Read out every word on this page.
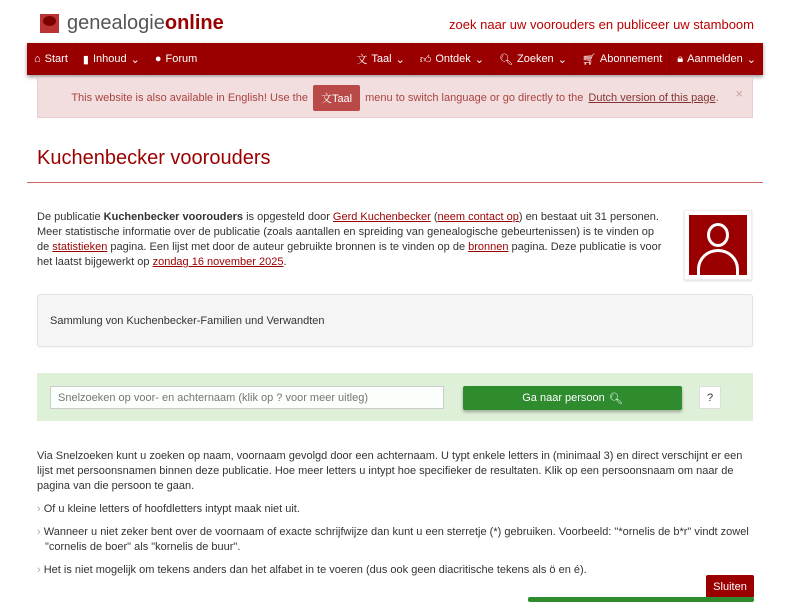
genealogieonline	zoek naar uw voorouders en publiceer uw stamboom
⌂ Start ▮ Inhoud ⌄ ● Forum	文 Taal ⌄ 👍︎ Ontdek ⌄ 🔍︎ Zoeken ⌄ 🛒︎ Abonnement 🔒︎ Aanmelden ⌄
This website is also available in English! Use the	文Taal	menu to switch language or go directly to the Dutch version of this page. ×
Kuchenbecker voorouders

De publicatie Kuchenbecker voorouders is opgesteld door Gerd Kuchenbecker (neem contact op) en bestaat uit 31 personen. Meer statistische informatie over de publicatie (zoals aantallen en spreiding van genealogische gebeurtenissen) is te vinden op de statistieken pagina. Een lijst met door de auteur gebruikte bronnen is te vinden op de bronnen pagina. Deze publicatie is voor het laatst bijgewerkt op zondag 16 november 2025.

Sammlung von Kuchenbecker-Familien und Verwandten
Snelzoeken op voor- en achternaam (klik op ? voor meer uitleg)
Ga naar persoon 🔍︎	?

Via Snelzoeken kunt u zoeken op naam, voornaam gevolgd door een achternaam. U typt enkele letters in (minimaal 3) en direct verschijnt er een lijst met persoonsnamen binnen deze publicatie. Hoe meer letters u intypt hoe specifieker de resultaten. Klik op een persoonsnaam om naar de pagina van die persoon te gaan.

› Of u kleine letters of hoofdletters intypt maak niet uit.
› Wanneer u niet zeker bent over de voornaam of exacte schrijfwijze dan kunt u een sterretje (*) gebruiken. Voorbeeld: "*ornelis de b*r" vindt zowel "cornelis de boer" als "kornelis de buur".
› Het is niet mogelijk om tekens anders dan het alfabet in te voeren (dus ook geen diacritische tekens als ö en é).
Sluiten
